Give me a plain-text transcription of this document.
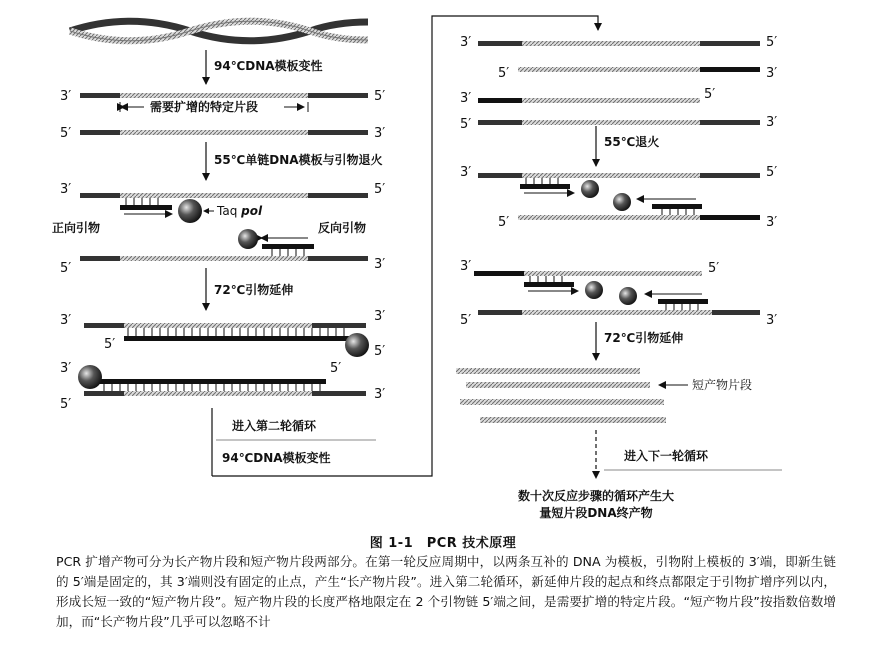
94℃DNA模板变性
3′	5′
需要扩增的特定片段
5′	3′
55℃单链DNA模板与引物退火
3′	5′
Taq pol
正向引物	反向引物
5′	3′
72℃引物延伸
3′	3′
5′	5′
3′	5′
5′
3′
进入第二轮循环
94℃DNA模板变性
3′	5′
5′	3′
3′	5′
5′	3′
55℃退火
3′	5′
5′	3′
3′	5′
5′	3′
72℃引物延伸
短产物片段
进入下一轮循环
数十次反应步骤的循环产生大
量短片段DNA终产物
图 1-1　PCR 技术原理

PCR 扩增产物可分为长产物片段和短产物片段两部分。在第一轮反应周期中，以两条互补的 DNA 为模板，引物附上模板的 3′端，即新生链的 5′端是固定的，其 3′端则没有固定的止点，产生“长产物片段”。进入第二轮循环，新延伸片段的起点和终点都限定于引物扩增序列以内，形成长短一致的“短产物片段”。短产物片段的长度严格地限定在 2 个引物链 5′端之间，是需要扩增的特定片段。“短产物片段”按指数倍数增加，而“长产物片段”几乎可以忽略不计
